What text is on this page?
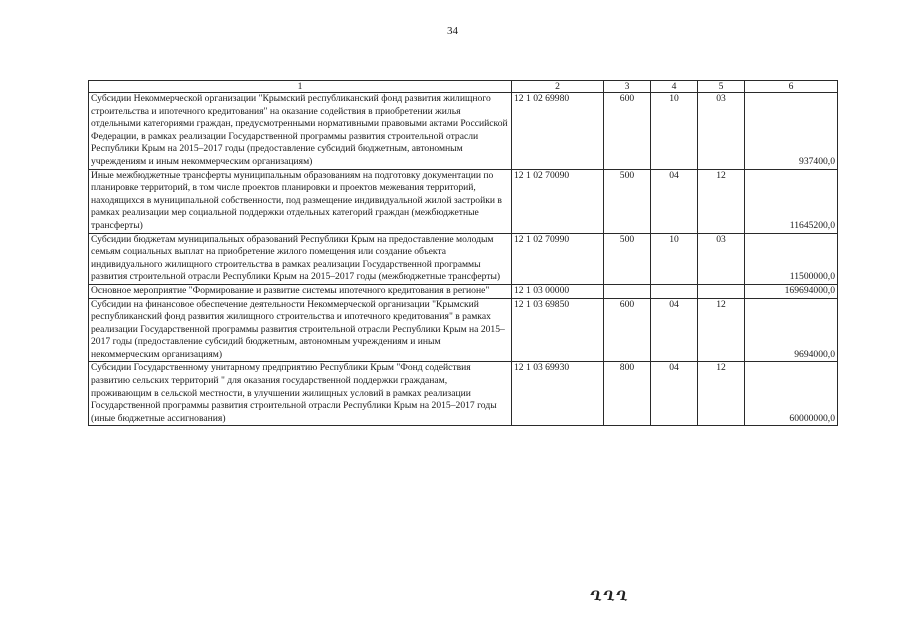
34
1	2	3	4	5	6
Субсидии Некоммерческой организации "Крымский республиканский фонд развития жилищного строительства и ипотечного кредитования" на оказание содействия в приобретении жилья отдельными категориями граждан, предусмотренными нормативными правовыми актами Российской Федерации, в рамках реализации Государственной программы развития строительной отрасли Республики Крым на 2015–2017 годы (предоставление субсидий бюджетным, автономным учреждениям и иным некоммерческим организациям)	12 1 02 69980	600	10	03	937400,0
Иные межбюджетные трансферты муниципальным образованиям на подготовку документации по планировке территорий, в том числе проектов планировки и проектов межевания территорий, находящихся в муниципальной собственности, под размещение индивидуальной жилой застройки в рамках реализации мер социальной поддержки отдельных категорий граждан (межбюджетные трансферты)	12 1 02 70090	500	04	12	11645200,0
Субсидии бюджетам муниципальных образований Республики Крым на предоставление молодым семьям социальных выплат на приобретение жилого помещения или создание объекта индивидуального жилищного строительства в рамках реализации Государственной программы развития строительной отрасли Республики Крым на 2015–2017 годы (межбюджетные трансферты)	12 1 02 70990	500	10	03	11500000,0
Основное мероприятие "Формирование и развитие системы ипотечного кредитования в регионе"	12 1 03 00000				169694000,0
Субсидии на финансовое обеспечение деятельности Некоммерческой организации "Крымский республиканский фонд развития жилищного строительства и ипотечного кредитования" в рамках реализации Государственной программы развития строительной отрасли Республики Крым на 2015–2017 годы (предоставление субсидий бюджетным, автономным учреждениям и иным некоммерческим организациям)	12 1 03 69850	600	04	12	9694000,0
Субсидии Государственному унитарному предприятию Республики Крым "Фонд содействия развитию сельских территорий " для оказания государственной поддержки гражданам, проживающим в сельской местности, в улучшении жилищных условий в рамках реализации Государственной программы развития строительной отрасли Республики Крым на 2015–2017 годы (иные бюджетные ассигнования)	12 1 03 69930	800	04	12	60000000,0
ՂՂՂ
